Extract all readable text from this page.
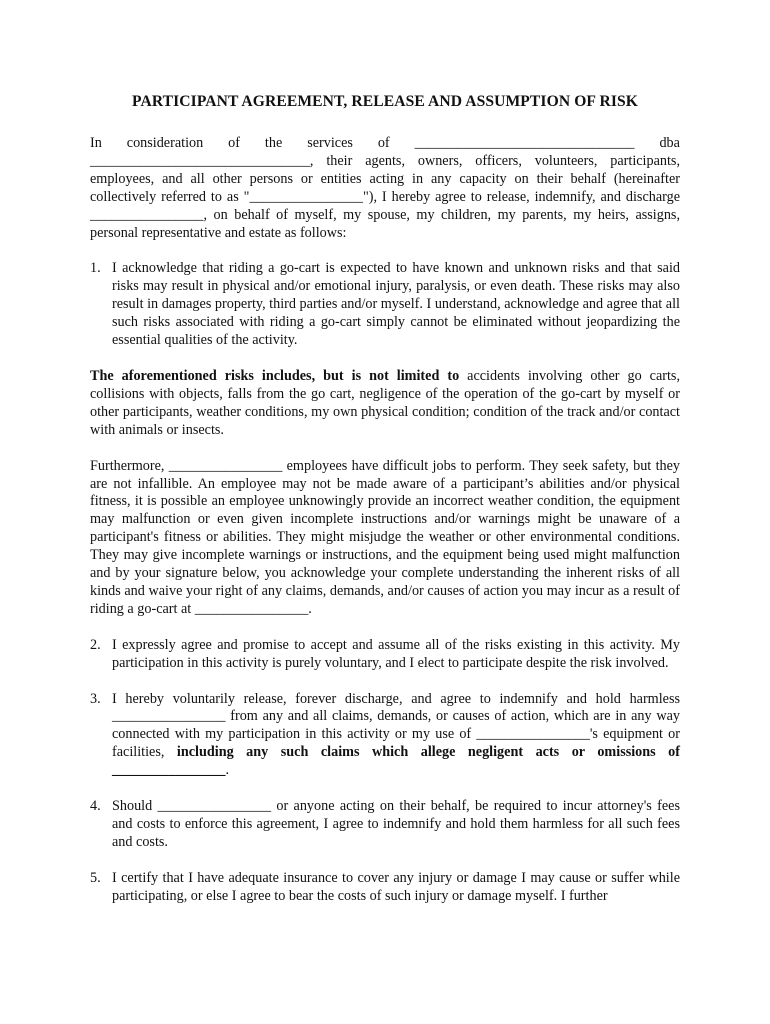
PARTICIPANT AGREEMENT, RELEASE AND ASSUMPTION OF RISK
In consideration of the services of _______________________________ dba
_______________________________, their agents, owners, officers, volunteers, participants, employees, and all other persons or entities acting in any capacity on their behalf (hereinafter collectively referred to as "________________"), I hereby agree to release, indemnify, and discharge ________________, on behalf of myself, my spouse, my children, my parents, my heirs, assigns, personal representative and estate as follows:
1. I acknowledge that riding a go-cart is expected to have known and unknown risks and that said risks may result in physical and/or emotional injury, paralysis, or even death. These risks may also result in damages property, third parties and/or myself. I understand, acknowledge and agree that all such risks associated with riding a go-cart simply cannot be eliminated without jeopardizing the essential qualities of the activity.
The aforementioned risks includes, but is not limited to accidents involving other go carts, collisions with objects, falls from the go cart, negligence of the operation of the go-cart by myself or other participants, weather conditions, my own physical condition; condition of the track and/or contact with animals or insects.
Furthermore, ________________ employees have difficult jobs to perform. They seek safety, but they are not infallible. An employee may not be made aware of a participant’s abilities and/or physical fitness, it is possible an employee unknowingly provide an incorrect weather condition, the equipment may malfunction or even given incomplete instructions and/or warnings might be unaware of a participant's fitness or abilities. They might misjudge the weather or other environmental conditions. They may give incomplete warnings or instructions, and the equipment being used might malfunction and by your signature below, you acknowledge your complete understanding the inherent risks of all kinds and waive your right of any claims, demands, and/or causes of action you may incur as a result of riding a go-cart at ________________.
2. I expressly agree and promise to accept and assume all of the risks existing in this activity. My participation in this activity is purely voluntary, and I elect to participate despite the risk involved.
3. I hereby voluntarily release, forever discharge, and agree to indemnify and hold harmless ________________ from any and all claims, demands, or causes of action, which are in any way connected with my participation in this activity or my use of ________________'s equipment or facilities, including any such claims which allege negligent acts or omissions of ________________.
4. Should ________________ or anyone acting on their behalf, be required to incur attorney's fees and costs to enforce this agreement, I agree to indemnify and hold them harmless for all such fees and costs.
5. I certify that I have adequate insurance to cover any injury or damage I may cause or suffer while participating, or else I agree to bear the costs of such injury or damage myself. I further
